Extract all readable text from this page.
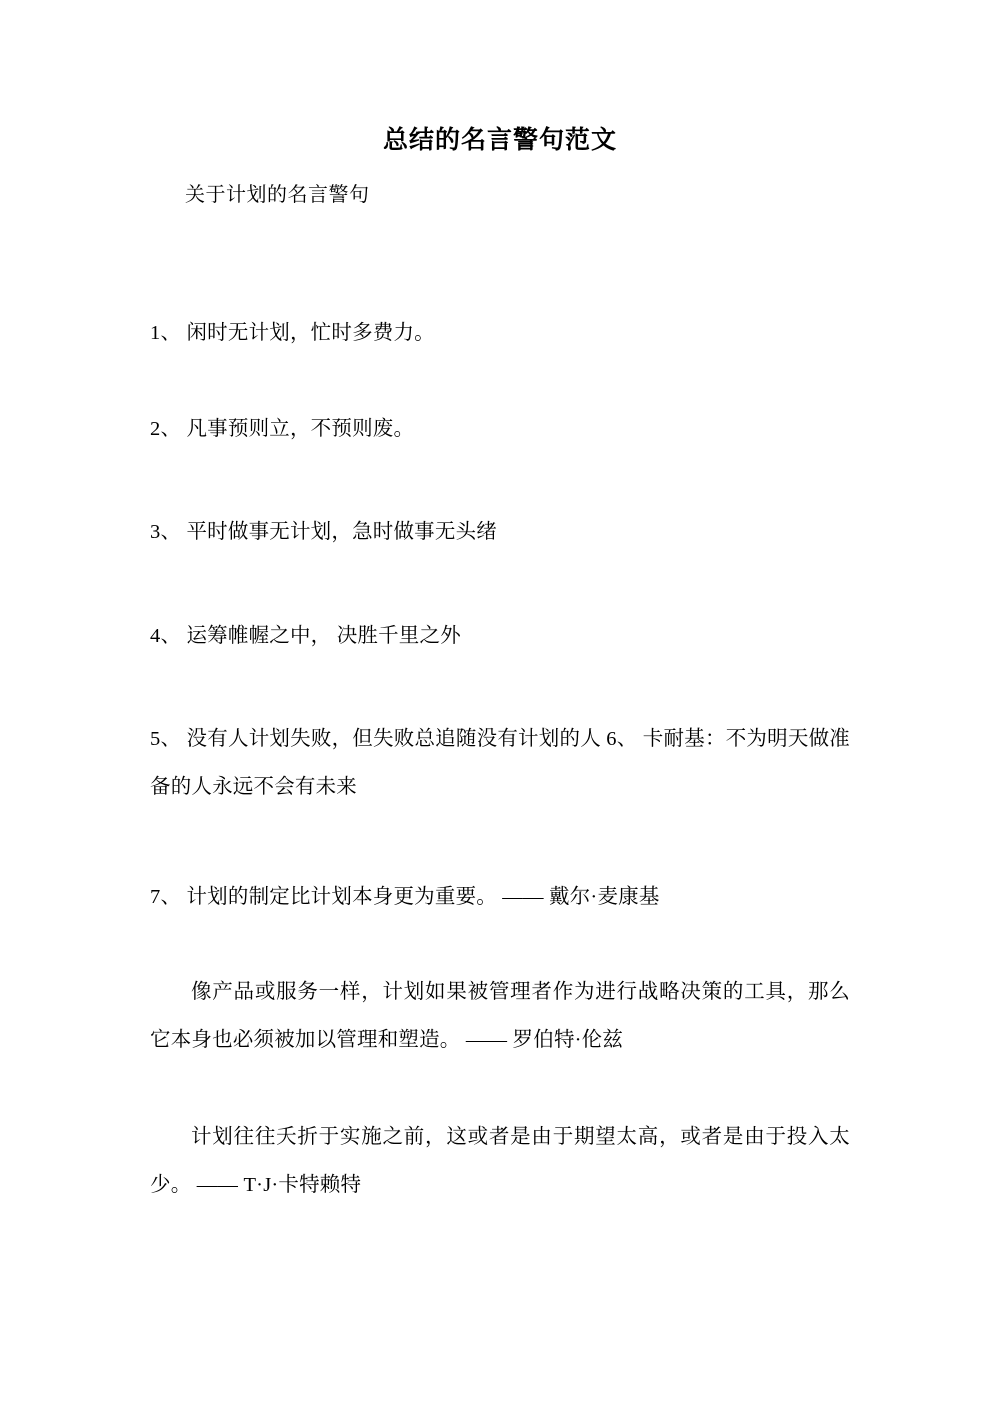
总结的名言警句范文
关于计划的名言警句

1、 闲时无计划，忙时多费力。

2、 凡事预则立，不预则废。

3、 平时做事无计划，急时做事无头绪

4、 运筹帷幄之中， 决胜千里之外

5、 没有人计划失败，但失败总追随没有计划的人 6、 卡耐基：不为明天做准备的人永远不会有未来

7、 计划的制定比计划本身更为重要。 —— 戴尔·麦康基

像产品或服务一样，计划如果被管理者作为进行战略决策的工具，那么它本身也必须被加以管理和塑造。 —— 罗伯特·伦兹

计划往往夭折于实施之前，这或者是由于期望太高，或者是由于投入太少。 —— T·J·卡特赖特
